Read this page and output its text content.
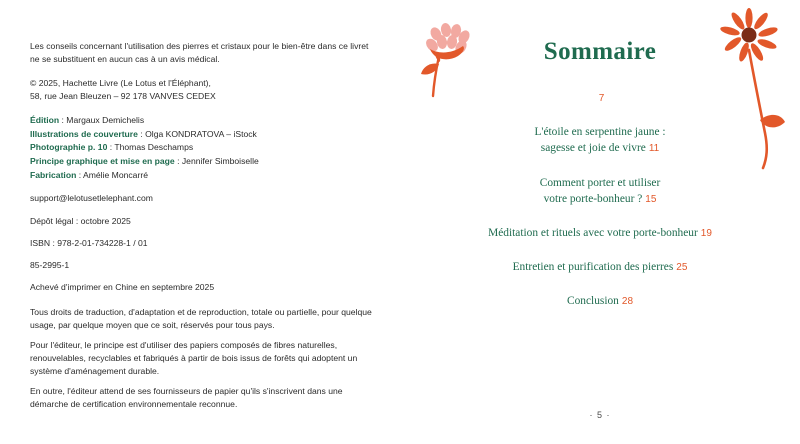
Les conseils concernant l'utilisation des pierres et cristaux pour le bien-être dans ce livret ne se substituent en aucun cas à un avis médical.

© 2025, Hachette Livre (Le Lotus et l'Éléphant),

58, rue Jean Bleuzen – 92 178 VANVES CEDEX

Édition : Margaux Demichelis
Illustrations de couverture : Olga KONDRATOVA – iStock
Photographie p. 10 : Thomas Deschamps
Principe graphique et mise en page : Jennifer Simboiselle
Fabrication : Amélie Moncarré
support@lelotusetlelephant.com

Dépôt légal : octobre 2025

ISBN : 978-2-01-734228-1 / 01

85-2995-1

Achevé d'imprimer en Chine en septembre 2025

Tous droits de traduction, d'adaptation et de reproduction, totale ou partielle, pour quelque usage, par quelque moyen que ce soit, réservés pour tous pays.

Pour l'éditeur, le principe est d'utiliser des papiers composés de fibres naturelles, renouvelables, recyclables et fabriqués à partir de bois issus de forêts qui adoptent un système d'aménagement durable.

En outre, l'éditeur attend de ses fournisseurs de papier qu'ils s'inscrivent dans une démarche de certification environnementale reconnue.

Sommaire
7
L'étoile en serpentine jaune :
sagesse et joie de vivre 11
Comment porter et utiliser
votre porte-bonheur ? 15
Méditation et rituels avec votre porte-bonheur 19
Entretien et purification des pierres 25
Conclusion 28
· 5 ·
